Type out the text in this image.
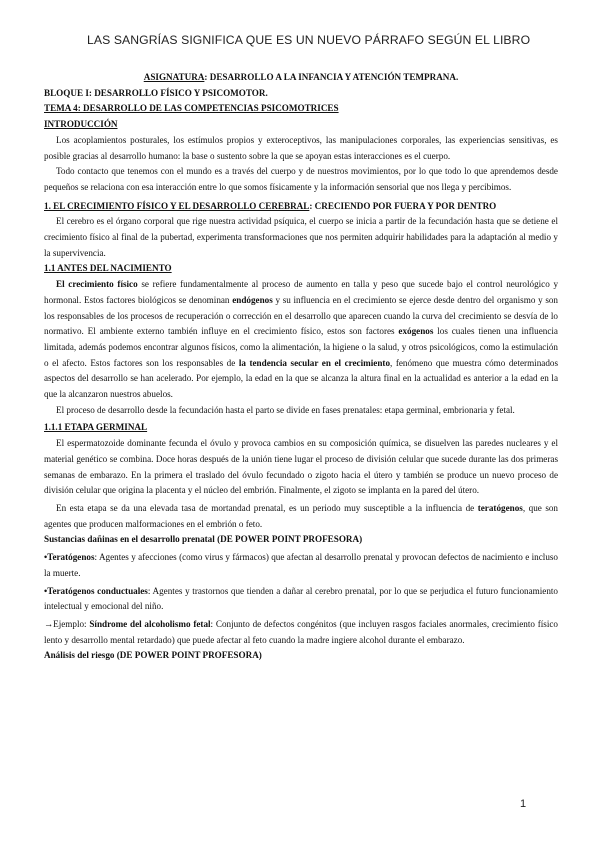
LAS SANGRÍAS SIGNIFICA QUE ES UN NUEVO PÁRRAFO SEGÚN EL LIBRO

ASIGNATURA: DESARROLLO A LA INFANCIA Y ATENCIÓN TEMPRANA.

BLOQUE I: DESARROLLO FÍSICO Y PSICOMOTOR.

TEMA 4: DESARROLLO DE LAS COMPETENCIAS PSICOMOTRICES

INTRODUCCIÓN

Los acoplamientos posturales, los estímulos propios y exteroceptivos, las manipulaciones corporales, las experiencias sensitivas, es posible gracias al desarrollo humano: la base o sustento sobre la que se apoyan estas interacciones es el cuerpo.

Todo contacto que tenemos con el mundo es a través del cuerpo y de nuestros movimientos, por lo que todo lo que aprendemos desde pequeños se relaciona con esa interacción entre lo que somos físicamente y la información sensorial que nos llega y percibimos.

1. EL CRECIMIENTO FÍSICO Y EL DESARROLLO CEREBRAL: CRECIENDO POR FUERA Y POR DENTRO

El cerebro es el órgano corporal que rige nuestra actividad psíquica, el cuerpo se inicia a partir de la fecundación hasta que se detiene el crecimiento físico al final de la pubertad, experimenta transformaciones que nos permiten adquirir habilidades para la adaptación al medio y la supervivencia.

1.1 ANTES DEL NACIMIENTO

El crecimiento físico se refiere fundamentalmente al proceso de aumento en talla y peso que sucede bajo el control neurológico y hormonal. Estos factores biológicos se denominan endógenos y su influencia en el crecimiento se ejerce desde dentro del organismo y son los responsables de los procesos de recuperación o corrección en el desarrollo que aparecen cuando la curva del crecimiento se desvía de lo normativo. El ambiente externo también influye en el crecimiento físico, estos son factores exógenos los cuales tienen una influencia limitada, además podemos encontrar algunos físicos, como la alimentación, la higiene o la salud, y otros psicológicos, como la estimulación o el afecto. Estos factores son los responsables de la tendencia secular en el crecimiento, fenómeno que muestra cómo determinados aspectos del desarrollo se han acelerado. Por ejemplo, la edad en la que se alcanza la altura final en la actualidad es anterior a la edad en la que la alcanzaron nuestros abuelos.

El proceso de desarrollo desde la fecundación hasta el parto se divide en fases prenatales: etapa germinal, embrionaria y fetal.

1.1.1 ETAPA GERMINAL

El espermatozoide dominante fecunda el óvulo y provoca cambios en su composición química, se disuelven las paredes nucleares y el material genético se combina. Doce horas después de la unión tiene lugar el proceso de división celular que sucede durante las dos primeras semanas de embarazo. En la primera el traslado del óvulo fecundado o zigoto hacia el útero y también se produce un nuevo proceso de división celular que origina la placenta y el núcleo del embrión. Finalmente, el zigoto se implanta en la pared del útero.

En esta etapa se da una elevada tasa de mortandad prenatal, es un periodo muy susceptible a la influencia de teratógenos, que son agentes que producen malformaciones en el embrión o feto.

Sustancias dañinas en el desarrollo prenatal (DE POWER POINT PROFESORA)

•Teratógenos: Agentes y afecciones (como virus y fármacos) que afectan al desarrollo prenatal y provocan defectos de nacimiento e incluso la muerte.

•Teratógenos conductuales: Agentes y trastornos que tienden a dañar al cerebro prenatal, por lo que se perjudica el futuro funcionamiento intelectual y emocional del niño.

→Ejemplo: Síndrome del alcoholismo fetal: Conjunto de defectos congénitos (que incluyen rasgos faciales anormales, crecimiento físico lento y desarrollo mental retardado) que puede afectar al feto cuando la madre ingiere alcohol durante el embarazo.

Análisis del riesgo (DE POWER POINT PROFESORA)

1
